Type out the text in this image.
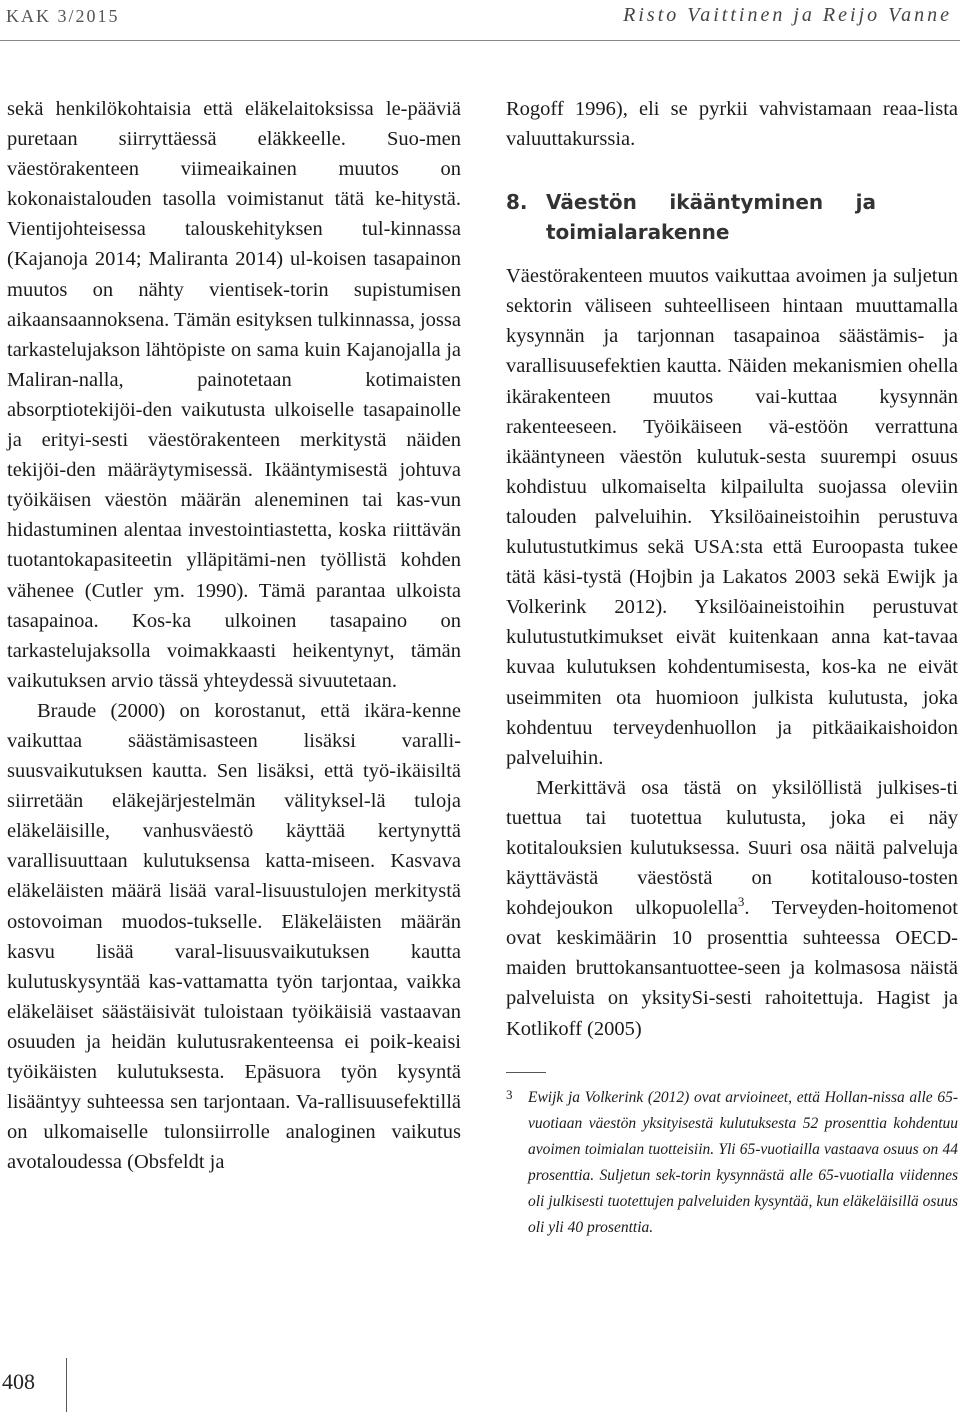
KAK 3/2015	Risto Vaittinen ja Reijo Vanne

sekä henkilökohtaisia että eläkelaitoksissa le-pääviä puretaan siirryttäessä eläkkeelle. Suo-men väestörakenteen viimeaikainen muutos on kokonaistalouden tasolla voimistanut tätä ke-hitystä. Vientijohteisessa talouskehityksen tul-kinnassa (Kajanoja 2014; Maliranta 2014) ul-koisen tasapainon muutos on nähty vientisek-torin supistumisen aikaansaannoksena. Tämän esityksen tulkinnassa, jossa tarkastelujakson lähtöpiste on sama kuin Kajanojalla ja Maliran-nalla, painotetaan kotimaisten absorptiotekijöi-den vaikutusta ulkoiselle tasapainolle ja erityi-sesti väestörakenteen merkitystä näiden tekijöi-den määräytymisessä. Ikääntymisestä johtuva työikäisen väestön määrän aleneminen tai kas-vun hidastuminen alentaa investointiastetta, koska riittävän tuotantokapasiteetin ylläpitämi-nen työllistä kohden vähenee (Cutler ym. 1990). Tämä parantaa ulkoista tasapainoa. Kos-ka ulkoinen tasapaino on tarkastelujaksolla voimakkaasti heikentynyt, tämän vaikutuksen arvio tässä yhteydessä sivuutetaan.

Braude (2000) on korostanut, että ikära-kenne vaikuttaa säästämisasteen lisäksi varalli-suusvaikutuksen kautta. Sen lisäksi, että työ-ikäisiltä siirretään eläkejärjestelmän välityksel-lä tuloja eläkeläisille, vanhusväestö käyttää kertynyttä varallisuuttaan kulutuksensa katta-miseen. Kasvava eläkeläisten määrä lisää varal-lisuustulojen merkitystä ostovoiman muodos-tukselle. Eläkeläisten määrän kasvu lisää varal-lisuusvaikutuksen kautta kulutuskysyntää kas-vattamatta työn tarjontaa, vaikka eläkeläiset säästäisivät tuloistaan työikäisiä vastaavan osuuden ja heidän kulutusrakenteensa ei poik-keaisi työikäisten kulutuksesta. Epäsuora työn kysyntä lisääntyy suhteessa sen tarjontaan. Va-rallisuusefektillä on ulkomaiselle tulonsiirrolle analoginen vaikutus avotaloudessa (Obsfeldt ja

Rogoff 1996), eli se pyrkii vahvistamaan reaa-lista valuuttakurssia.

8. Väestön ikääntyminen ja toimialarakenne

Väestörakenteen muutos vaikuttaa avoimen ja suljetun sektorin väliseen suhteelliseen hintaan muuttamalla kysynnän ja tarjonnan tasapainoa säästämis- ja varallisuusefektien kautta. Näiden mekanismien ohella ikärakenteen muutos vai-kuttaa kysynnän rakenteeseen. Työikäiseen vä-estöön verrattuna ikääntyneen väestön kulutuk-sesta suurempi osuus kohdistuu ulkomaiselta kilpailulta suojassa oleviin talouden palveluihin. Yksilöaineistoihin perustuva kulutustutkimus sekä USA:sta että Euroopasta tukee tätä käsi-tystä (Hojbin ja Lakatos 2003 sekä Ewijk ja Volkerink 2012). Yksilöaineistoihin perustuvat kulutustutkimukset eivät kuitenkaan anna kat-tavaa kuvaa kulutuksen kohdentumisesta, kos-ka ne eivät useimmiten ota huomioon julkista kulutusta, joka kohdentuu terveydenhuollon ja pitkäaikaishoidon palveluihin.

Merkittävä osa tästä on yksilöllistä julkises-ti tuettua tai tuotettua kulutusta, joka ei näy kotitalouksien kulutuksessa. Suuri osa näitä palveluja käyttävästä väestöstä on kotitalouso-tosten kohdejoukon ulkopuolella$^3$. Terveyden-hoitomenot ovat keskimäärin 10 prosenttia suhteessa OECD-maiden bruttokansantuottee-seen ja kolmasosa näistä palveluista on yksitySi-sesti rahoitettuja. Hagist ja Kotlikoff (2005)

3	Ewijk ja Volkerink (2012) ovat arvioineet, että Hollan-nissa alle 65-vuotiaan väestön yksityisestä kulutuksesta 52 prosenttia kohdentuu avoimen toimialan tuotteisiin. Yli 65-vuotiailla vastaava osuus on 44 prosenttia. Suljetun sek-torin kysynnästä alle 65-vuotialla viidennes oli julkisesti tuotettujen palveluiden kysyntää, kun eläkeläisillä osuus oli yli 40 prosenttia.
408
